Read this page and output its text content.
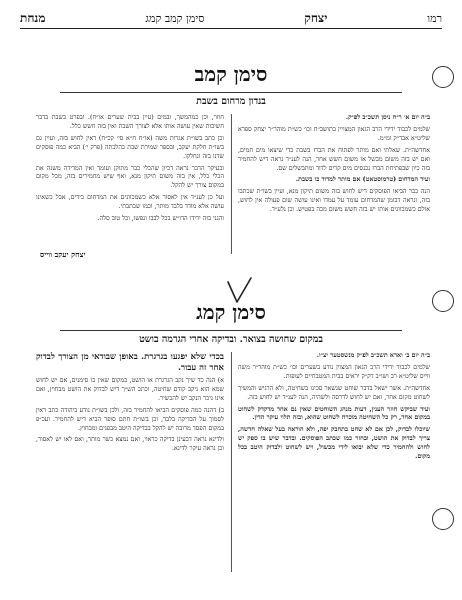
רמו
יצחק
סימן קמב קמג
מנחת
סימן קמב
בנדון מרחום בשבת

ב״ה יום א׳ ר״ח ניסן תשכ״ב לפ״ק.

שלמים לכבוד ידידי הרב הגאון המצויין בתושב״ח וכו׳ כש״ת מוהר״ר יצחק ספרא שליט״א אבד״ק ומ״מ.

אחדשה״ת. שאלתי ואם מותר לפתוח את הברז בשבת כדי שיצאו מים חמים, ואם יש בזה משום מבשל או משום חשש אחר, הנה לענ״ד נראה דיש להחמיר בזה כיון שבפתיחת הברז נכנסים מים קרים לדוד ומתבשלים שם.

ועיד המדחום (טרמוסטאט) אם מותר למדוד בו בשבת.

הנה כבר הביאו הפוסקים דיש לחוש בזה משום תיקון מנא, ועיין בשו״ת שכתבו בזה, ונראה דבזמן שהמדחום עומד על עמדו ואינו עושה שום פעולה אין לחוש, אולם כשמכוונים אותו יש בזה חשש משום מכה בפטיש. וכן נלע״ד.

חוזר, וכן כמהמשך, ובמים (עיין בבית שערים או״ח). ובפרט בשבת בדבר חשיבות שאין עושה אותו אלא לצורך השבת ואין בזה חשש כלל.

וכן כתב בשו״ת אגרות משה (או״ח ח״א סי׳ קכ״ח) דאין לחוש בזה, ועיין גם בשו״ת חלקת יעקב, ובספר שמירת שבת כהלכתה (פרק י׳) הביא כמה פוסקים שדנו בזה ונחלקו.

ובעיקר הדבר נראה דכיון שהכלי כבר מתוקן ועומד ואין המדידה משנה את הכלי כלל, אין בזה משום תיקון מנא, ואף שיש מחמירים בזה, מכל מקום במקום צורך יש להקל.

ועל כן לענ״ד אין לאסור אלא כשמכוונים את המדחום בידים, אבל כשאינו עושה אלא מודד בלבד מותר, וכמו שכתבתי.

והנני בזה ידידו הדו״ש בכל לבבו ונפשו, וכל טוב סלה.

יצחק יעקב ווייס
סימן קמג
במקום שחושה בצואר. ובדיקה אחרי הגרמה בושט

ב״ה יום ב׳ וארא תשכ״ב לפ״ק מנשסטער יצ״ו.

שלמים לכבוד ידידי הרב הגאון המצוין נודע בשערים וכו׳ כש״ת מוהר״ר משה ווייס שליט״א רב ושו״ב דק״ק יראים בבית המטבחיים לעופות.

אחדשה״ת. אשר ישאל בדבר שוחט שנשאר סכינו בשחיטה, ולא הרגיש והמשיך לשחוט מקום אחר, ואם יש לחוש לדרסה ולשהיה, הנה לענ״ד יש לחוש בזה.

ועיד שביקש חוזר הענין, דעות מנהג השוחטים שאין נם אחר מדקדק לשחוט במקום אחד, רק כל השחיטה מוכרח לשחוט שהוא, ובזה תלוי עיקר הדין.

שיוכלו לבדוק, לכן אם לא שחט בתחבק יפה, ולא הוראה בעל שאלה חדשה, צריך לבדוק את הושט, ובחזר כמו שכתב הפוסקים. ובדבר שיש בו ספק יש לחוש ולהחמיר כדי שלא יבואו לידי מכשול, ויש לשחוט ולבדוק היטב בכל מקום.

בכדי שלא יפגעו בגרגרת. באופן שבודאי מן הצורך לבדוק אחר זה עבור.

א) הנה כד שיך נקב הגרגרת או הושט, במקום שאין בו סימנים, אם יש לחוש שמא הוא ניקב קודם שחיטה, וכתב הש״ך דיש לבדוק את הושט מבחוץ, ואם אינו ניכר הנקב יש להכשיר.

ב) דהנה כמה פוסקים הביאו להחמיר בזה, ולכן בשו״ת נודע ביהודה כתב דאין לסמוך על הבדיקה בלבד, וכן בשו״ת חתם סופר הביא דיש להחמיר. ועכ״פ במקום הפסד מרובה יש להקל בבדיקה היטב מבפנים ומבחוץ.

ולדינא נראה דבעינן בדיקה כראוי, ואם נמצא כשר מותר, ואם לאו יש לאסור, וכן נראה עיקר לדינא.
